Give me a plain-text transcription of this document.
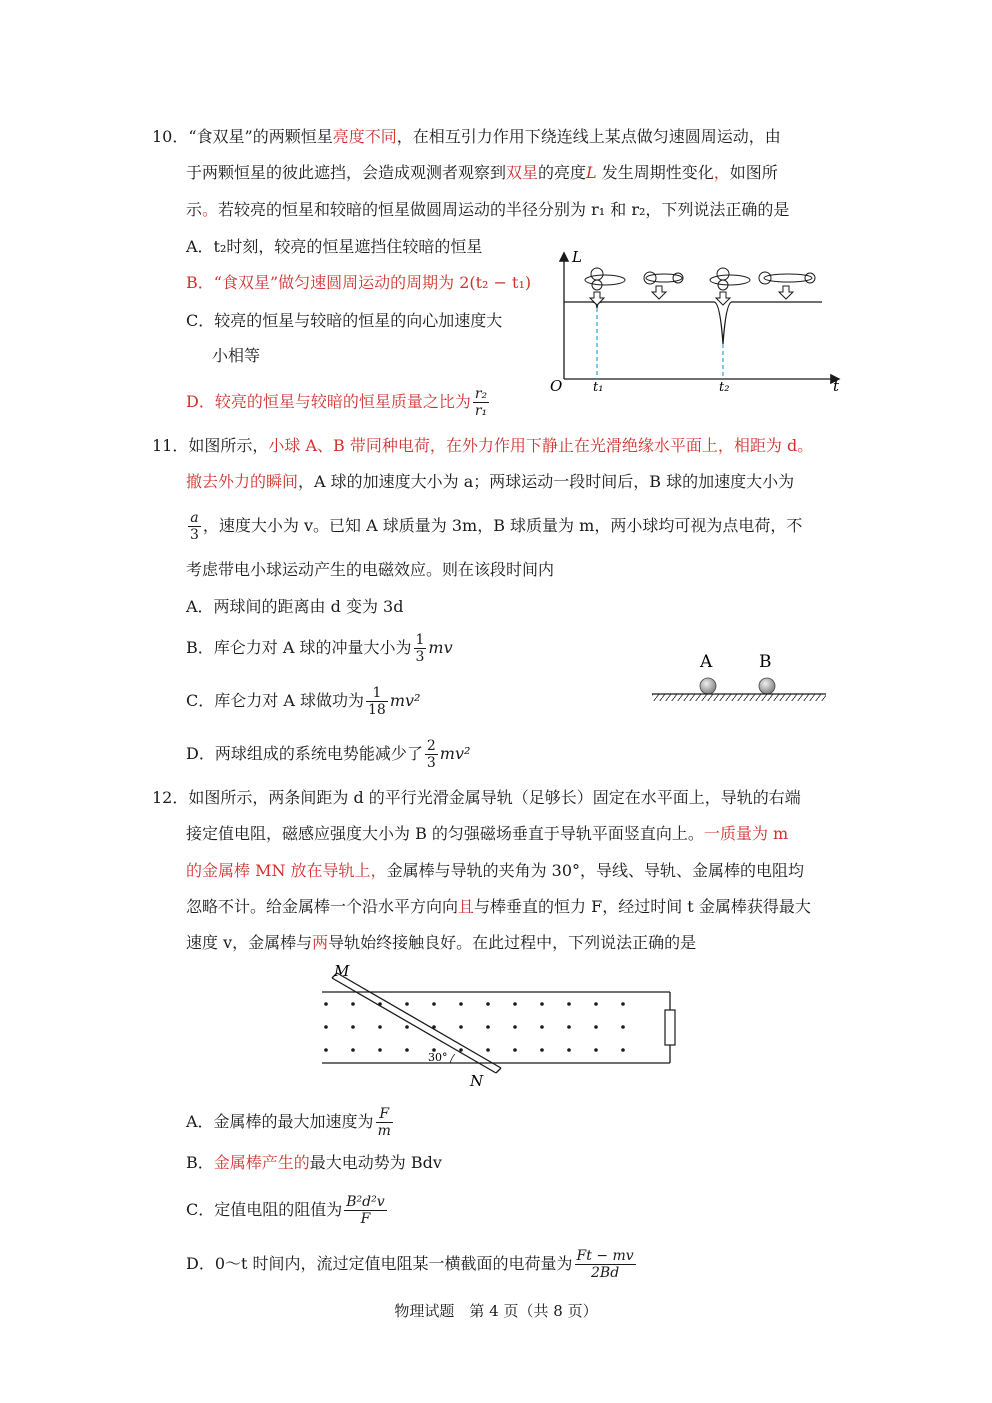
10．“食双星”的两颗恒星亮度不同，在相互引力作用下绕连线上某点做匀速圆周运动，由
于两颗恒星的彼此遮挡，会造成观测者观察到双星的亮度L 发生周期性变化，如图所
示。若较亮的恒星和较暗的恒星做圆周运动的半径分别为 r₁ 和 r₂，下列说法正确的是
A．t₂时刻，较亮的恒星遮挡住较暗的恒星
B．“食双星”做匀速圆周运动的周期为 2(t₂ − t₁)
C．较亮的恒星与较暗的恒星的向心加速度大
小相等
D．较亮的恒星与较暗的恒星质量之比为 $\frac{\text{r₂}}{\text{r₁}}$
L
t
O t₁	t₂
11．如图所示，小球 A、B 带同种电荷，在外力作用下静止在光滑绝缘水平面上，相距为 d。
撤去外力的瞬间，A 球的加速度大小为 a；两球运动一段时间后，B 球的加速度大小为
$\frac{a}{3}$ ，速度大小为 v。已知 A 球质量为 3m，B 球质量为 m，两小球均可视为点电荷，不
考虑带电小球运动产生的电磁效应。则在该段时间内
A．两球间的距离由 d 变为 3d
B．库仑力对 A 球的冲量大小为 $\frac{1}{3}$ mv
C．库仑力对 A 球做功为 $\frac{1}{18} mv^2$
D．两球组成的系统电势能减少了 $\frac{2}{3} mv^2$
A	B
12．如图所示，两条间距为 d 的平行光滑金属导轨（足够长）固定在水平面上，导轨的右端
接定值电阻，磁感应强度大小为 B 的匀强磁场垂直于导轨平面竖直向上。一质量为 m
的金属棒 MN 放在导轨上，金属棒与导轨的夹角为 30°，导线、导轨、金属棒的电阻均
忽略不计。给金属棒一个沿水平方向向且与棒垂直的恒力 F，经过时间 t 金属棒获得最大
速度 v，金属棒与两导轨始终接触良好。在此过程中，下列说法正确的是
M
N
30°
A．金属棒的最大加速度为 $\frac{F}{m}$
B．金属棒产生的最大电动势为 Bdv
C．定值电阻的阻值为 $\frac{\text{B²d²v}}{F}$
D．0～t 时间内，流过定值电阻某一横截面的电荷量为 $\frac{Ft - mv}{2Bd}$
物理试题　第 4 页（共 8 页）
